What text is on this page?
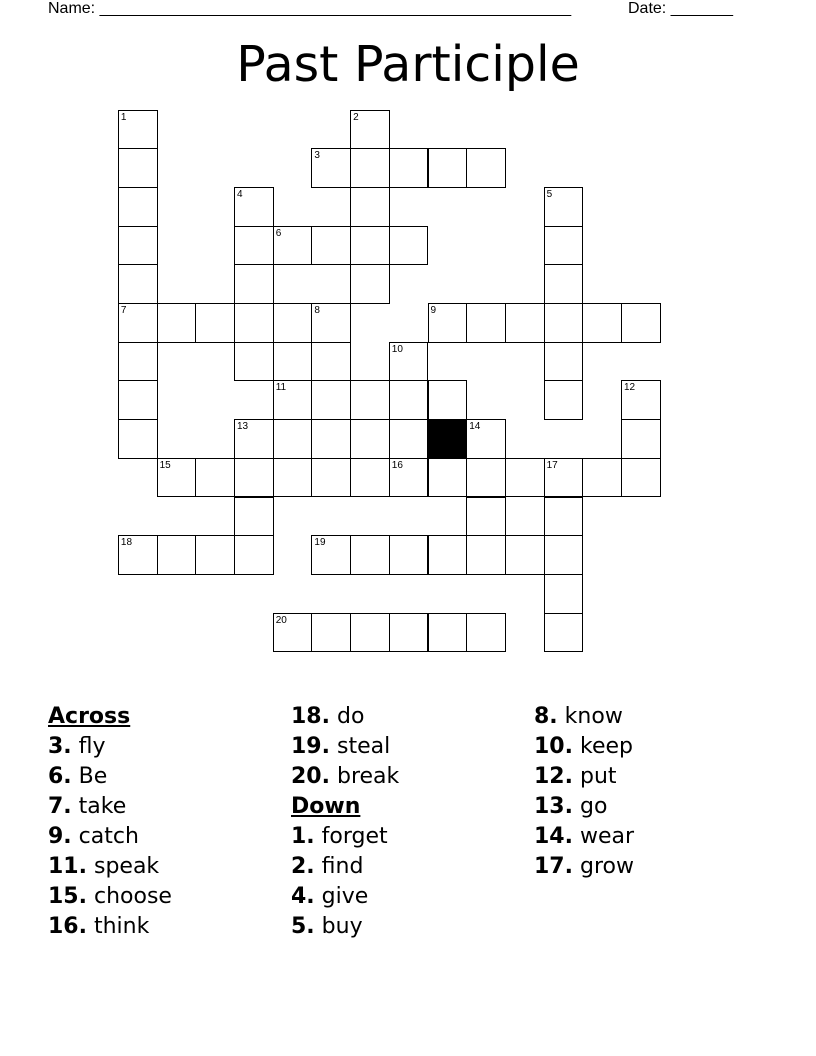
Name: _____________________________________________________	Date: _______
Past Participle
1	2
3
4	5
6
7	8	9
10
11	12
13	14
15	16	17
18	19
20
Across
3. fly
6. Be
7. take
9. catch
11. speak
15. choose
16. think
18. do
19. steal
20. break
Down
1. forget
2. find
4. give
5. buy
8. know
10. keep
12. put
13. go
14. wear
17. grow
